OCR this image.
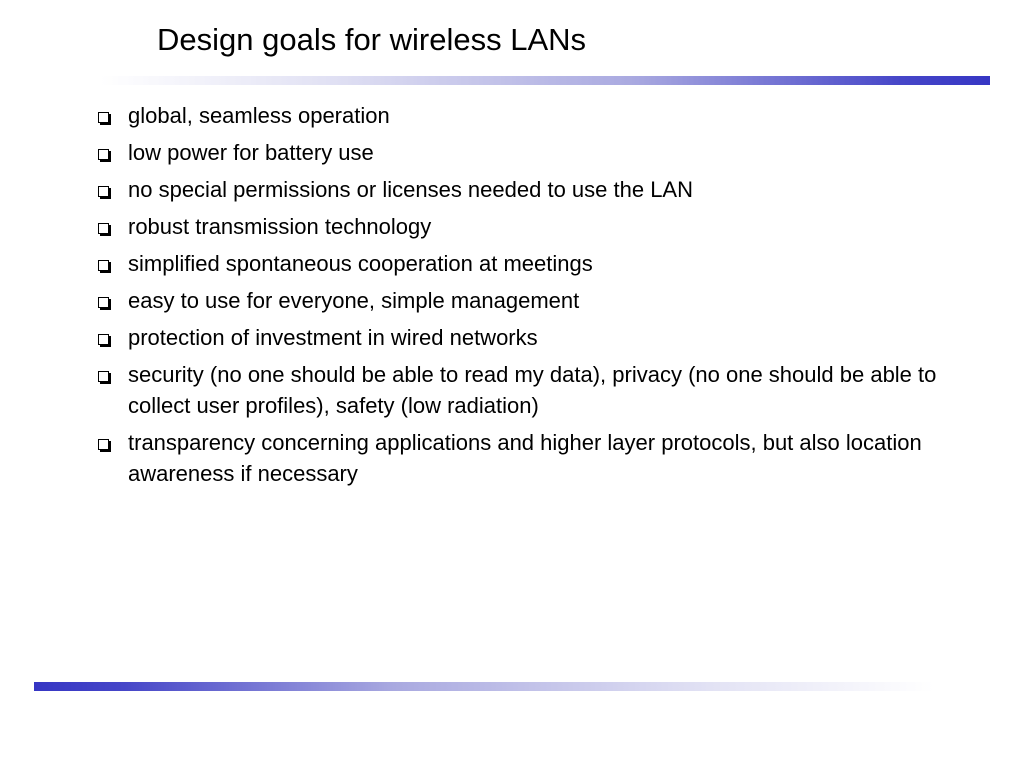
Design goals for wireless LANs
global, seamless operation
low power for battery use
no special permissions or licenses needed to use the LAN
robust transmission technology
simplified spontaneous cooperation at meetings
easy to use for everyone, simple management
protection of investment in wired networks
security (no one should be able to read my data), privacy (no one should be able to collect user profiles), safety (low radiation)
transparency concerning applications and higher layer protocols, but also location awareness if necessary
